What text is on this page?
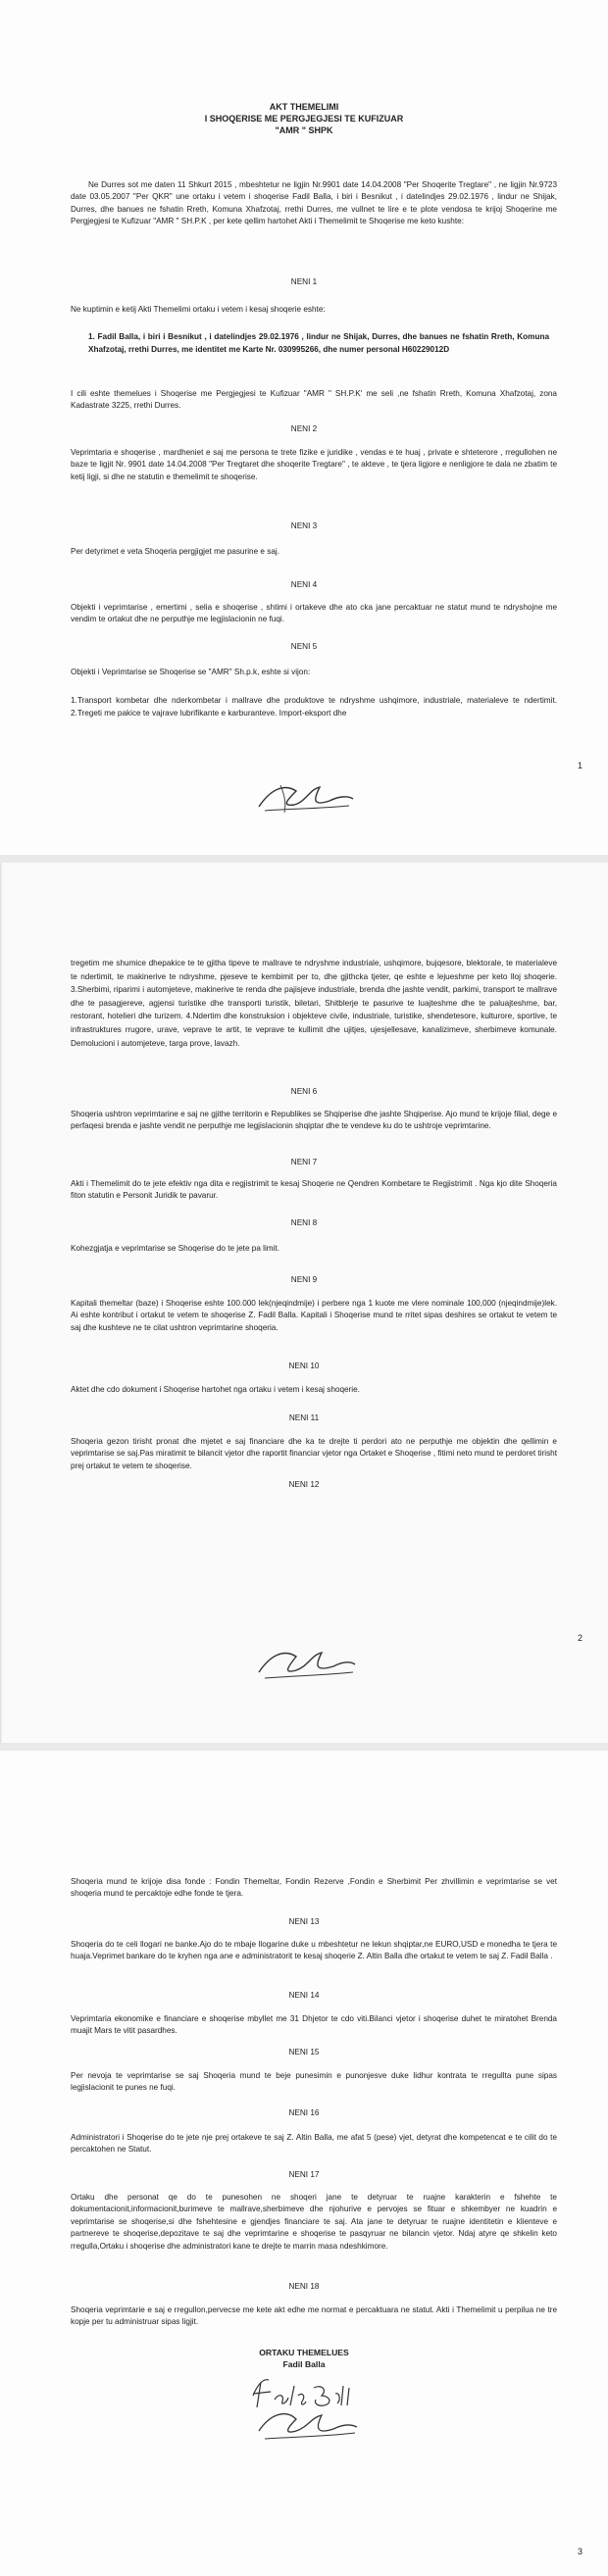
AKT THEMELIMI
I SHOQERISE ME PERGJEGJESI TE KUFIZUAR
"AMR " SHPK
Ne Durres sot me daten 11 Shkurt 2015 , mbeshtetur ne ligjin Nr.9901 date 14.04.2008 "Per Shoqerite Tregtare" , ne ligjin Nr.9723 date 03.05.2007 "Per QKR" une ortaku i vetem i shoqerise Fadil Balla, i biri i Besnikut , i datelindjes 29.02.1976 , lindur ne Shijak, Durres, dhe banues ne fshatin Rreth, Komuna Xhafzotaj, rrethi Durres, me vullnet te lire e te plote vendosa te krijoj Shoqerine me Pergjegjesi te Kufizuar "AMR " SH.P.K , per kete qellim hartohet Akti i Themelimit te Shoqerise me keto kushte:
NENI 1
Ne kuptimin e ketij Akti Themelimi ortaku i vetem i kesaj shoqerie eshte:
1. Fadil Balla, i biri i Besnikut , i datelindjes 29.02.1976 , lindur ne Shijak, Durres, dhe banues ne fshatin Rreth, Komuna Xhafzotaj, rrethi Durres, me identitet me Karte Nr. 030995266, dhe numer personal H60229012D
I cili eshte themelues i Shoqerise me Pergjegjesi te Kufizuar "AMR " SH.P.K' me seli ,ne fshatin Rreth, Komuna Xhafzotaj, zona Kadastrate 3225, rrethi Durres.
NENI 2
Veprimtaria e shoqerise , mardheniet e saj me persona te trete fizike e juridike , vendas e te huaj , private e shteterore , rregullohen ne baze te ligjit Nr. 9901 date 14.04.2008 "Per Tregtaret dhe shoqerite Tregtare" , te akteve , te tjera ligjore e nenligjore te dala ne zbatim te ketij ligji, si dhe ne statutin e themelimit te shoqerise.
NENI 3
Per detyrimet e veta Shoqeria pergjigjet me pasurine e saj.
NENI 4
Objekti i veprimtarise , emertimi , selia e shoqerise , shtimi i ortakeve dhe ato cka jane percaktuar ne statut mund te ndryshojne me vendim te ortakut dhe ne perputhje me legjislacionin ne fuqi.
NENI 5
Objekti i Veprimtarise se Shoqerise se "AMR" Sh.p.k, eshte si vijon:
1.Transport kombetar dhe nderkombetar i mallrave dhe produktove te ndryshme ushqimore, industriale, materialeve te ndertimit. 2.Tregeti me pakice te vajrave lubrifikante e karburanteve. Import-eksport dhe
1
tregetim me shumice dhepakice te te gjitha tipeve te mallrave te ndryshme industriale, ushqimore, bujqesore, blektorale, te materialeve te ndertimit, te makinerive te ndryshme, pjeseve te kembimit per to, dhe gjithcka tjeter, qe eshte e lejueshme per keto lloj shoqerie. 3.Sherbimi, riparimi i automjeteve, makinerive te renda dhe pajisjeve industriale, brenda dhe jashte vendit, parkimi, transport te mallrave dhe te pasagjereve, agjensi turistike dhe transporti turistik, biletari, Shitblerje te pasurive te luajteshme dhe te paluajteshme, bar, restorant, hotelieri dhe turizem. 4.Ndertim dhe konstruksion i objekteve civile, industriale, turistike, shendetesore, kulturore, sportive, te infrastruktures rrugore, urave, veprave te artit, te veprave te kullimit dhe ujitjes, ujesjellesave, kanalizimeve, sherbimeve komunale. Demolucioni i automjeteve, targa prove, lavazh.
NENI 6
Shoqeria ushtron veprimtarine e saj ne gjithe territorin e Republikes se Shqiperise dhe jashte Shqiperise. Ajo mund te krijoje filial, dege e perfaqesi brenda e jashte vendit ne perputhje me legjislacionin shqiptar dhe te vendeve ku do te ushtroje veprimtarine.
NENI 7
Akti i Themelimit do te jete efektiv nga dita e regjistrimit te kesaj Shoqerie ne Qendren Kombetare te Regjistrimit . Nga kjo dite Shoqeria fiton statutin e Personit Juridik te pavarur.
NENI 8
Kohezgjatja e veprimtarise se Shoqerise do te jete pa limit.
NENI 9
Kapitali themeltar (baze) i Shoqerise eshte 100.000 lek(njeqindmije) i perbere nga 1 kuote me vlere nominale 100,000 (njeqindmije)lek. Ai eshte kontribut i ortakut te vetem te shoqerise Z. Fadil Balla. Kapitali i Shoqerise mund te rritet sipas deshires se ortakut te vetem te saj dhe kushteve ne te cilat ushtron veprimtarine shoqeria.
NENI 10
Aktet dhe cdo dokument i Shoqerise hartohet nga ortaku i vetem i kesaj shoqerie.
NENI 11
Shoqeria gezon tirisht pronat dhe mjetet e saj financiare dhe ka te drejte ti perdori ato ne perputhje me objektin dhe qellimin e veprimtarise se saj.Pas miratimit te bilancit vjetor dhe raportit financiar vjetor nga Ortaket e Shoqerise , fitimi neto mund te perdoret tirisht prej ortakut te vetem te shoqerise.
NENI 12
2
Shoqeria mund te krijoje disa fonde : Fondin Themeltar, Fondin Rezerve ,Fondin e Sherbimit Per zhvillimin e veprimtarise se vet shoqeria mund te percaktoje edhe fonde te tjera.
NENI 13
Shoqeria do te celi llogari ne banke.Ajo do te mbaje llogarine duke u mbeshtetur ne lekun shqiptar,ne EURO,USD e monedha te tjera te huaja.Veprimet bankare do te kryhen nga ane e administratorit te kesaj shoqerie Z. Altin Balla dhe ortakut te vetem te saj Z. Fadil Balla .
NENI 14
Veprimtaria ekonomike e financiare e shoqerise mbyllet me 31 Dhjetor te cdo viti.Bilanci vjetor i shoqerise duhet te miratohet Brenda muajit Mars te vitit pasardhes.
NENI 15
Per nevoja te veprimtarise se saj Shoqeria mund te beje punesimin e punonjesve duke lidhur kontrata te rregullta pune sipas legjislacionit te punes ne fuqi.
NENI 16
Administratori i Shoqerise do te jete nje prej ortakeve te saj Z. Altin Balla, me afat 5 (pese) vjet, detyrat dhe kompetencat e te cilit do te percaktohen ne Statut.
NENI 17
Ortaku dhe personat qe do te punesohen ne shoqeri jane te detyruar te ruajne karakterin e fshehte te dokumentacionit,informacionit,burimeve te mallrave,sherbimeve dhe njohurive e pervojes se fituar e shkembyer ne kuadrin e veprimtarise se shoqerise,si dhe fshehtesine e gjendjes financiare te saj. Ata jane te detyruar te ruajne identitetin e klienteve e partnereve te shoqerise,depozitave te saj dhe veprimtarine e shoqerise te pasqyruar ne bilancin vjetor. Ndaj atyre qe shkelin keto rregulla,Ortaku i shoqerise dhe administratori kane te drejte te marrin masa ndeshkimore.
NENI 18
Shoqeria veprimtarie e saj e rregullon,pervecse me kete akt edhe me normat e percaktuara ne statut. Akti i Themelimit u perpilua ne tre kopje per tu administruar sipas ligjit.
ORTAKU THEMELUES
Fadil Balla
3
